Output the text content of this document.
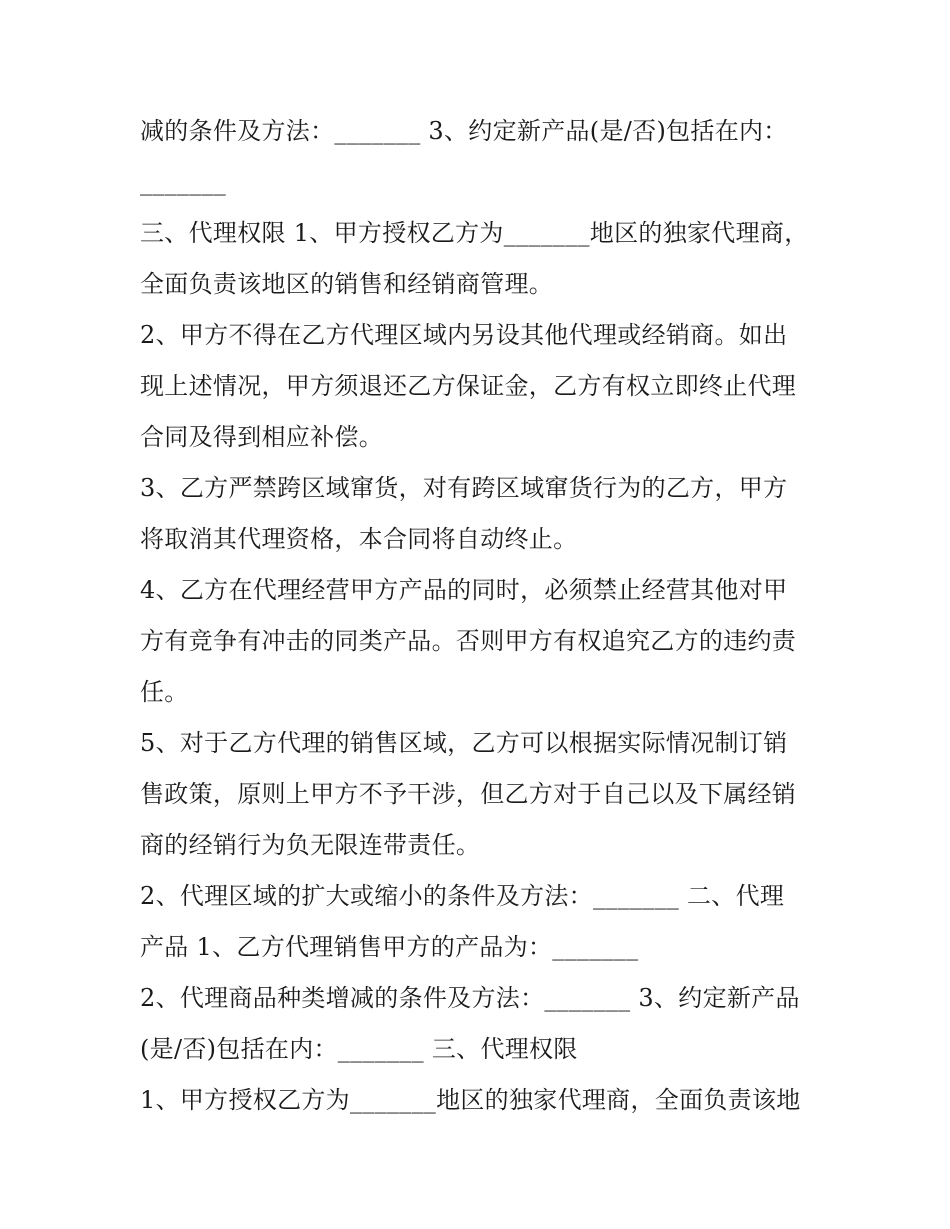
减的条件及方法：_______ 3、约定新产品(是/否)包括在内：
_______
三、代理权限 1、甲方授权乙方为_______地区的独家代理商，
全面负责该地区的销售和经销商管理。
2、甲方不得在乙方代理区域内另设其他代理或经销商。如出
现上述情况，甲方须退还乙方保证金，乙方有权立即终止代理
合同及得到相应补偿。
3、乙方严禁跨区域窜货，对有跨区域窜货行为的乙方，甲方
将取消其代理资格，本合同将自动终止。
4、乙方在代理经营甲方产品的同时，必须禁止经营其他对甲
方有竞争有冲击的同类产品。否则甲方有权追究乙方的违约责
任。
5、对于乙方代理的销售区域，乙方可以根据实际情况制订销
售政策，原则上甲方不予干涉，但乙方对于自己以及下属经销
商的经销行为负无限连带责任。
2、代理区域的扩大或缩小的条件及方法：_______ 二、代理
产品 1、乙方代理销售甲方的产品为：_______
2、代理商品种类增减的条件及方法：_______ 3、约定新产品
(是/否)包括在内：_______ 三、代理权限
1、甲方授权乙方为_______地区的独家代理商，全面负责该地
